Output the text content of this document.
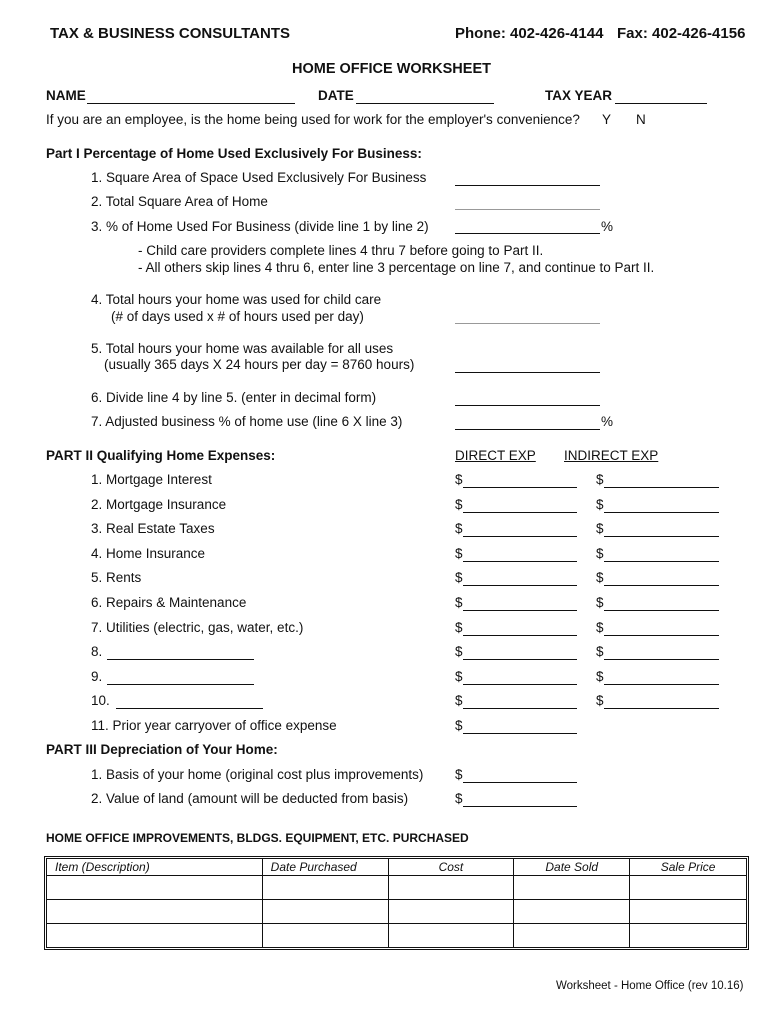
TAX & BUSINESS CONSULTANTS	Phone: 402-426-4144 Fax: 402-426-4156
HOME OFFICE WORKSHEET
NAME	DATE	TAX YEAR
If you are an employee, is the home being used for work for the employer's convenience? Y N
Part I Percentage of Home Used Exclusively For Business:
1. Square Area of Space Used Exclusively For Business
2. Total Square Area of Home
3. % of Home Used For Business (divide line 1 by line 2)	%
- Child care providers complete lines 4 thru 7 before going to Part II.
- All others skip lines 4 thru 6, enter line 3 percentage on line 7, and continue to Part II.
4. Total hours your home was used for child care
(# of days used x # of hours used per day)
5. Total hours your home was available for all uses
(usually 365 days X 24 hours per day = 8760 hours)
6. Divide line 4 by line 5. (enter in decimal form)
7. Adjusted business % of home use (line 6 X line 3)	%
PART II Qualifying Home Expenses:	DIRECT EXP INDIRECT EXP
1. Mortgage Interest	$	$
2. Mortgage Insurance	$	$
3. Real Estate Taxes	$	$
4. Home Insurance	$	$
5. Rents	$	$
6. Repairs & Maintenance	$	$
7. Utilities (electric, gas, water, etc.)	$	$
8.	$	$
9.	$	$
10.	$	$
11. Prior year carryover of office expense	$
PART III Depreciation of Your Home:
1. Basis of your home (original cost plus improvements) $
2. Value of land (amount will be deducted from basis)	$
HOME OFFICE IMPROVEMENTS, BLDGS. EQUIPMENT, ETC. PURCHASED
Item (Description)	Date Purchased	Cost	Date Sold	Sale Price

Worksheet - Home Office (rev 10.16)
